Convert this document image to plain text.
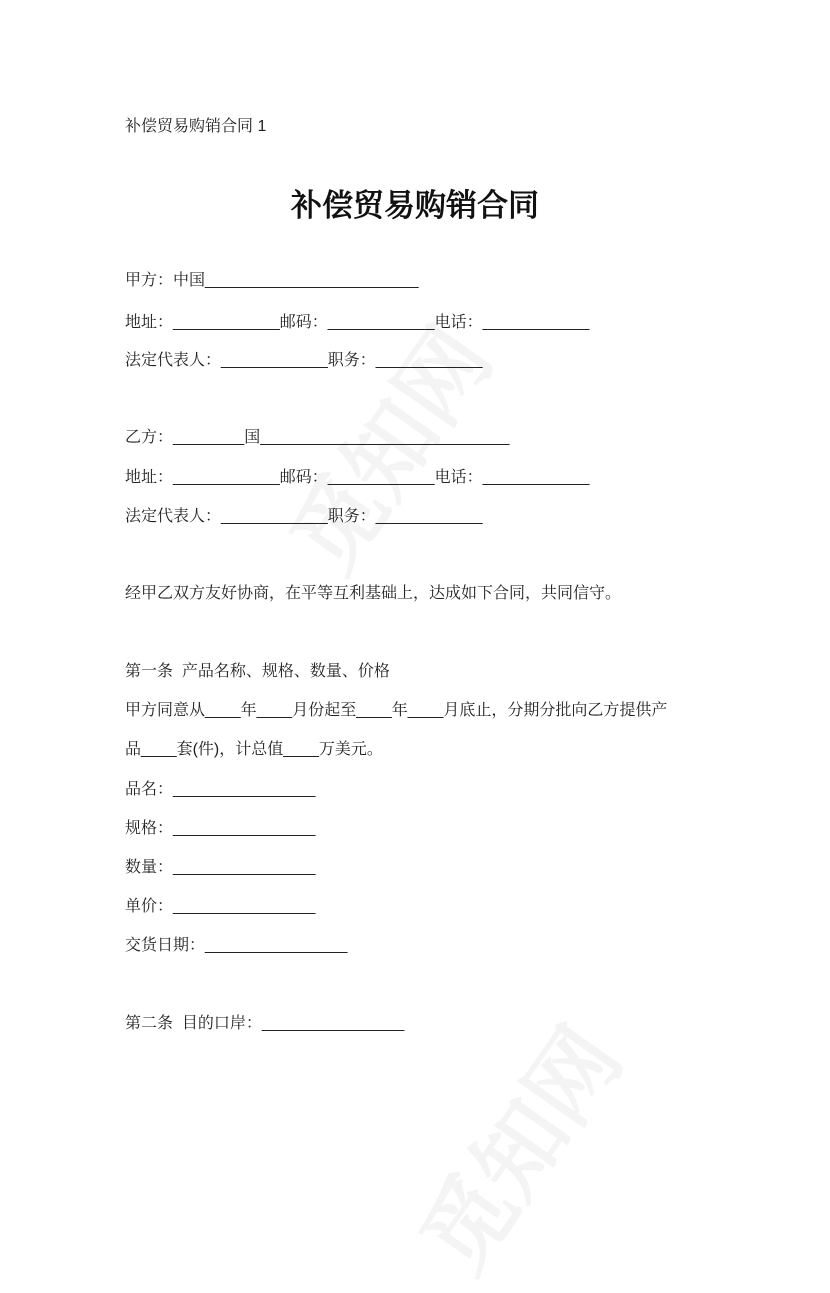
补偿贸易购销合同 1
补偿贸易购销合同
甲方：中国________________________
地址：____________邮码：____________电话：____________
法定代表人：____________职务：____________
乙方：________国____________________________
地址：____________邮码：____________电话：____________
法定代表人：____________职务：____________
经甲乙双方友好协商，在平等互利基础上，达成如下合同，共同信守。
第一条  产品名称、规格、数量、价格
甲方同意从____年____月份起至____年____月底止，分期分批向乙方提供产
品____套(件)，计总值____万美元。
品名：________________
规格：________________
数量：________________
单价：________________
交货日期：________________
第二条  目的口岸：________________
